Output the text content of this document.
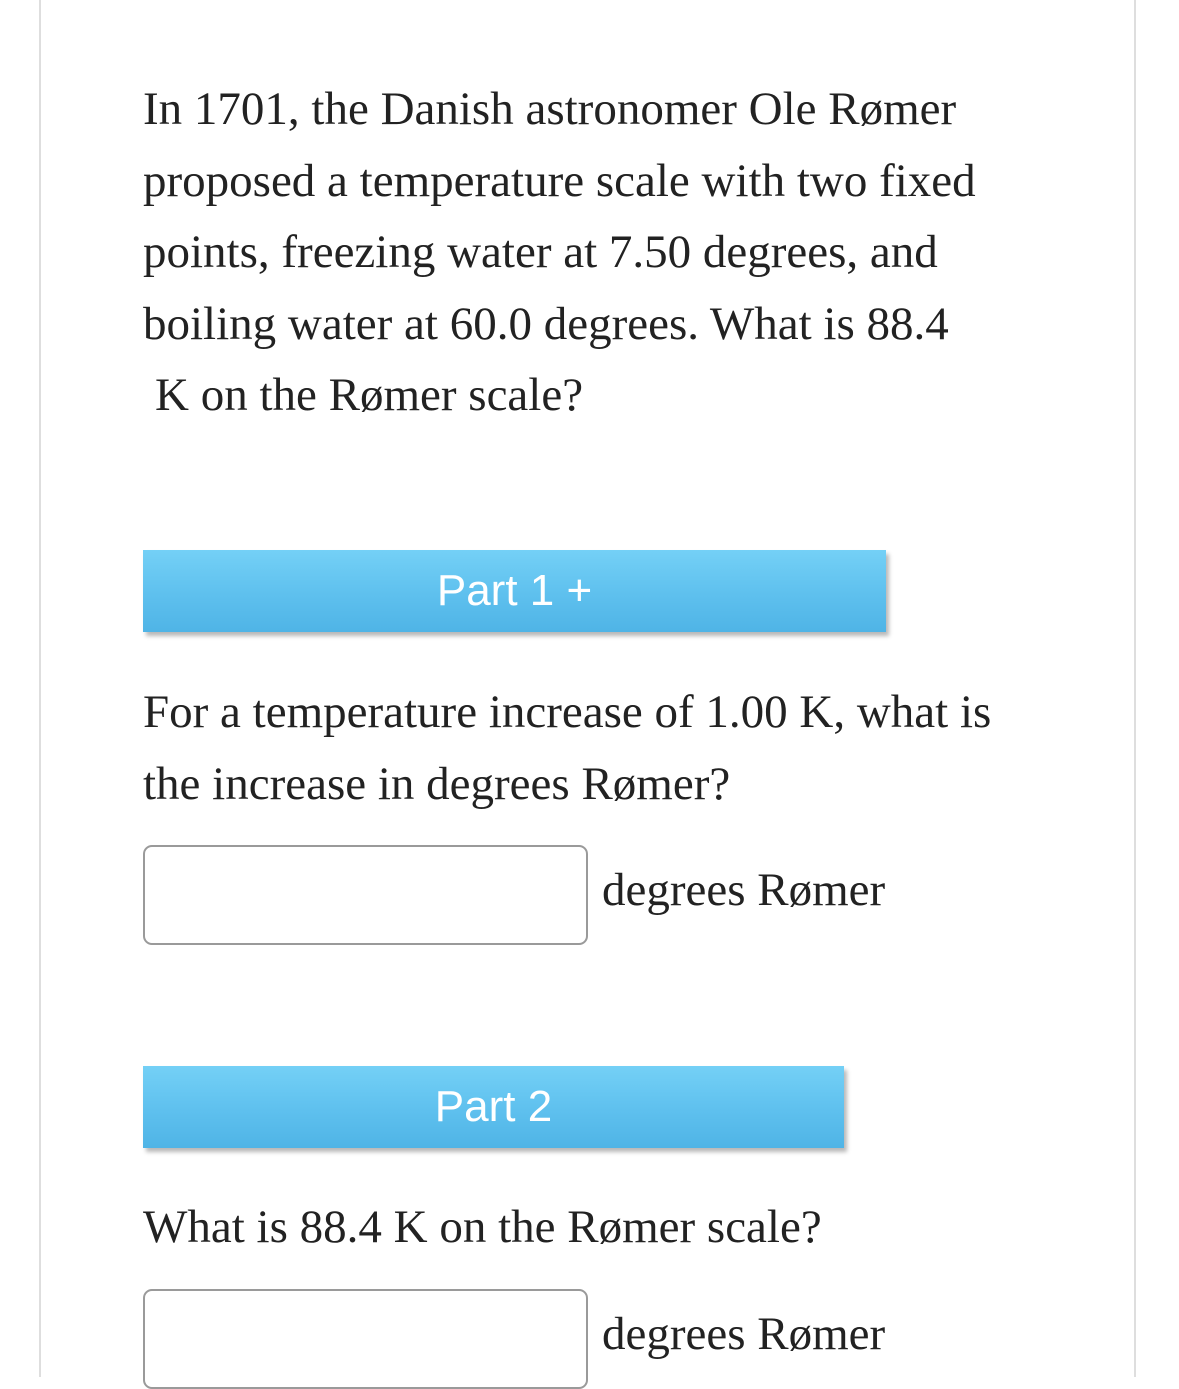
In 1701, the Danish astronomer Ole Rømer
proposed a temperature scale with two fixed
points, freezing water at 7.50 degrees, and
boiling water at 60.0 degrees. What is 88.4
K on the Rømer scale?

Part 1 +

For a temperature increase of 1.00 K, what is
the increase in degrees Rømer?

degrees Rømer
Part 2

What is 88.4 K on the Rømer scale?

degrees Rømer
